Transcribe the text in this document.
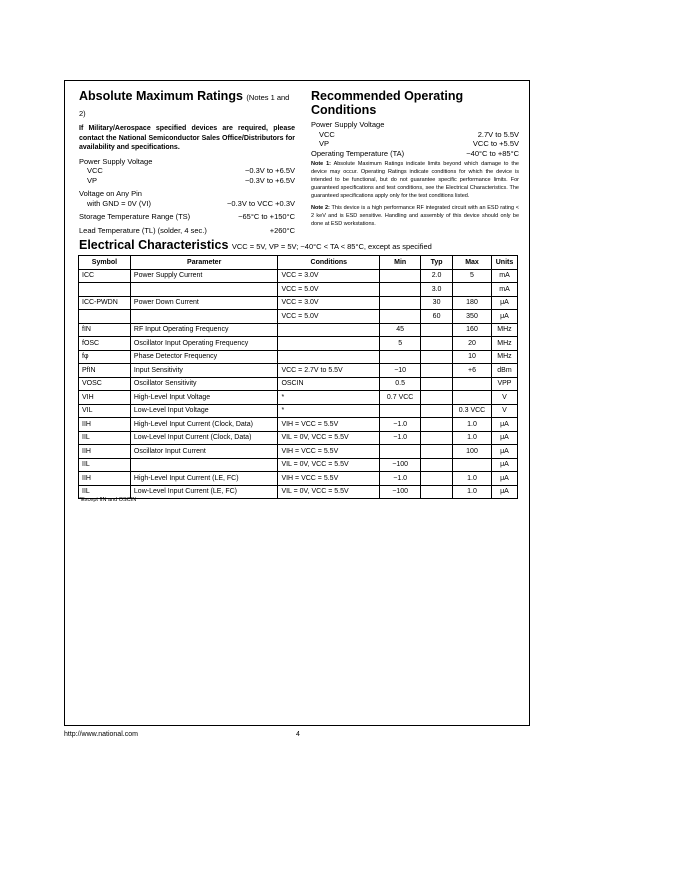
Absolute Maximum Ratings (Notes 1 and 2)
If Military/Aerospace specified devices are required, please contact the National Semiconductor Sales Office/Distributors for availability and specifications.
Power Supply Voltage
VCC	−0.3V to +6.5V
VP	−0.3V to +6.5V
Voltage on Any Pin
with GND = 0V (VI)	−0.3V to VCC +0.3V
Storage Temperature Range (TS)	−65°C to +150°C
Lead Temperature (TL) (solder, 4 sec.)	+260°C
Recommended Operating Conditions
Power Supply Voltage
VCC	2.7V to 5.5V
VP	VCC to +5.5V
Operating Temperature (TA)	−40°C to +85°C
Note 1: Absolute Maximum Ratings indicate limits beyond which damage to the device may occur. Operating Ratings indicate conditions for which the device is intended to be functional, but do not guarantee specific performance limits. For guaranteed specifications and test conditions, see the Electrical Characteristics. The guaranteed specifications apply only for the test conditions listed.
Note 2: This device is a high performance RF integrated circuit with an ESD rating < 2 keV and is ESD sensitive. Handling and assembly of this device should only be done at ESD workstations.
Electrical Characteristics VCC = 5V, VP = 5V; −40°C < TA < 85°C, except as specified
Symbol	Parameter	Conditions	Min	Typ	Max	Units
ICC	Power Supply Current	VCC = 3.0V		2.0	5	mA
		VCC = 5.0V		3.0		mA
ICC-PWDN	Power Down Current	VCC = 3.0V		30	180	μA
		VCC = 5.0V		60	350	μA
fIN	RF Input Operating Frequency		45		160	MHz
fOSC	Oscillator Input Operating Frequency		5		20	MHz
fφ	Phase Detector Frequency				10	MHz
PfIN	Input Sensitivity	VCC = 2.7V to 5.5V	−10		+6	dBm
VOSC	Oscillator Sensitivity	OSCIN	0.5			VPP
VIH	High-Level Input Voltage	*	0.7 VCC			V
VIL	Low-Level Input Voltage	*			0.3 VCC	V
IIH	High-Level Input Current (Clock, Data)	VIH = VCC = 5.5V	−1.0		1.0	μA
IIL	Low-Level Input Current (Clock, Data)	VIL = 0V, VCC = 5.5V	−1.0		1.0	μA
IIH	Oscillator Input Current	VIH = VCC = 5.5V			100	μA
IIL		VIL = 0V, VCC = 5.5V	−100			μA
IIH	High-Level Input Current (LE, FC)	VIH = VCC = 5.5V	−1.0		1.0	μA
IIL	Low-Level Input Current (LE, FC)	VIL = 0V, VCC = 5.5V	−100		1.0	μA
*Except fIN and OSCIN
http://www.national.com	4
